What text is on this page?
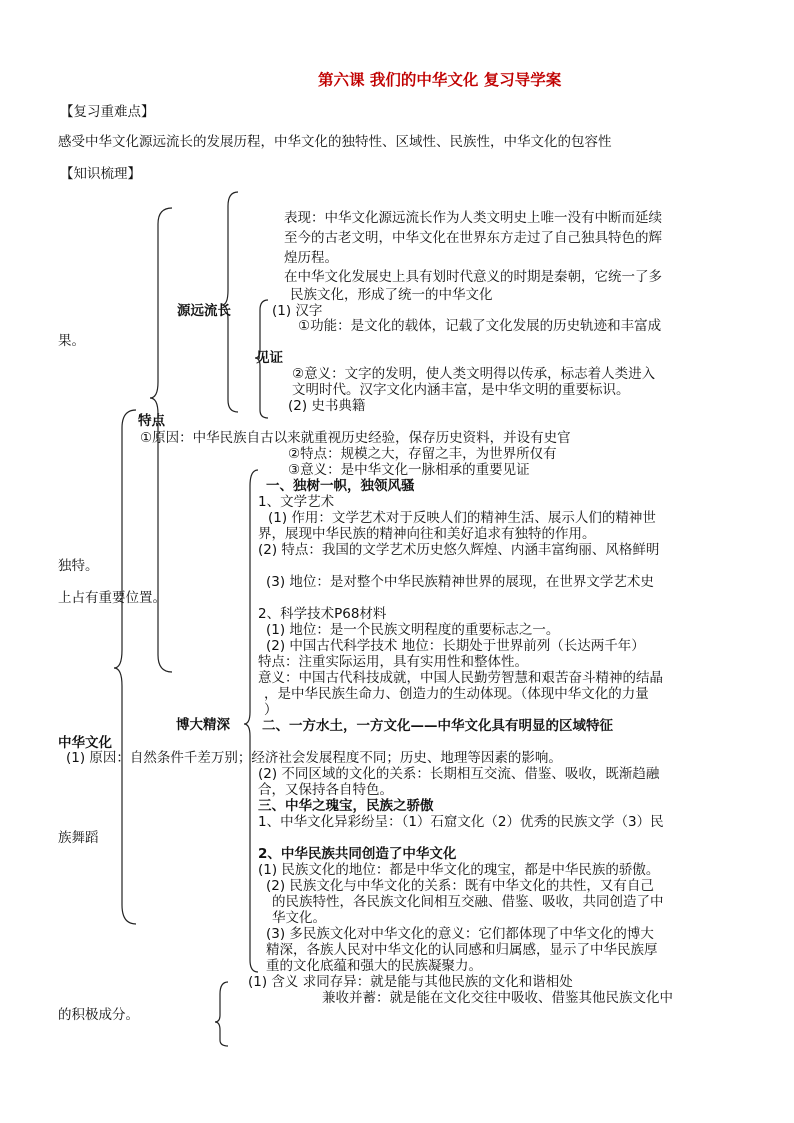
第六课 我们的中华文化 复习导学案
【复习重难点】
感受中华文化源远流长的发展历程，中华文化的独特性、区域性、民族性，中华文化的包容性
【知识梳理】
源远流长
见证
特点
博大精深
中华文化
果。
独特。
上占有重要位置。
族舞蹈
的积极成分。
表现：中华文化源远流长作为人类文明史上唯一没有中断而延续
至今的古老文明，中华文化在世界东方走过了自己独具特色的辉
煌历程。
在中华文化发展史上具有划时代意义的时期是秦朝，它统一了多
民族文化，形成了统一的中华文化
(1) 汉字
①功能：是文化的载体，记载了文化发展的历史轨迹和丰富成
②意义：文字的发明，使人类文明得以传承，标志着人类进入
文明时代。汉字文化内涵丰富，是中华文明的重要标识。
(2) 史书典籍
①原因：中华民族自古以来就重视历史经验，保存历史资料，并设有史官
②特点：规模之大，存留之丰，为世界所仅有
③意义：是中华文化一脉相承的重要见证
一、独树一帜，独领风骚
1、文学艺术
(1) 作用：文学艺术对于反映人们的精神生活、展示人们的精神世
界，展现中华民族的精神向往和美好追求有独特的作用。
(2) 特点：我国的文学艺术历史悠久辉煌、内涵丰富绚丽、风格鲜明
(3) 地位：是对整个中华民族精神世界的展现，在世界文学艺术史
2、科学技术P68材料
(1) 地位：是一个民族文明程度的重要标志之一。
(2) 中国古代科学技术 地位：长期处于世界前列（长达两千年）
特点：注重实际运用，具有实用性和整体性。
意义：中国古代科技成就，中国人民勤劳智慧和艰苦奋斗精神的结晶
，是中华民族生命力、创造力的生动体现。（体现中华文化的力量
）
二、一方水土，一方文化——中华文化具有明显的区域特征
(1) 原因：自然条件千差万别；经济社会发展程度不同；历史、地理等因素的影响。
(2) 不同区域的文化的关系：长期相互交流、借鉴、吸收，既渐趋融
合，又保持各自特色。
三、中华之瑰宝，民族之骄傲
1、中华文化异彩纷呈：（1）石窟文化（2）优秀的民族文学（3）民
2、中华民族共同创造了中华文化
(1) 民族文化的地位：都是中华文化的瑰宝，都是中华民族的骄傲。
(2) 民族文化与中华文化的关系：既有中华文化的共性，又有自己
的民族特性，各民族文化间相互交融、借鉴、吸收，共同创造了中
华文化。
(3) 多民族文化对中华文化的意义：它们都体现了中华文化的博大
精深，各族人民对中华文化的认同感和归属感，显示了中华民族厚
重的文化底蕴和强大的民族凝聚力。
(1) 含义 求同存异：就是能与其他民族的文化和谐相处
兼收并蓄：就是能在文化交往中吸收、借鉴其他民族文化中
